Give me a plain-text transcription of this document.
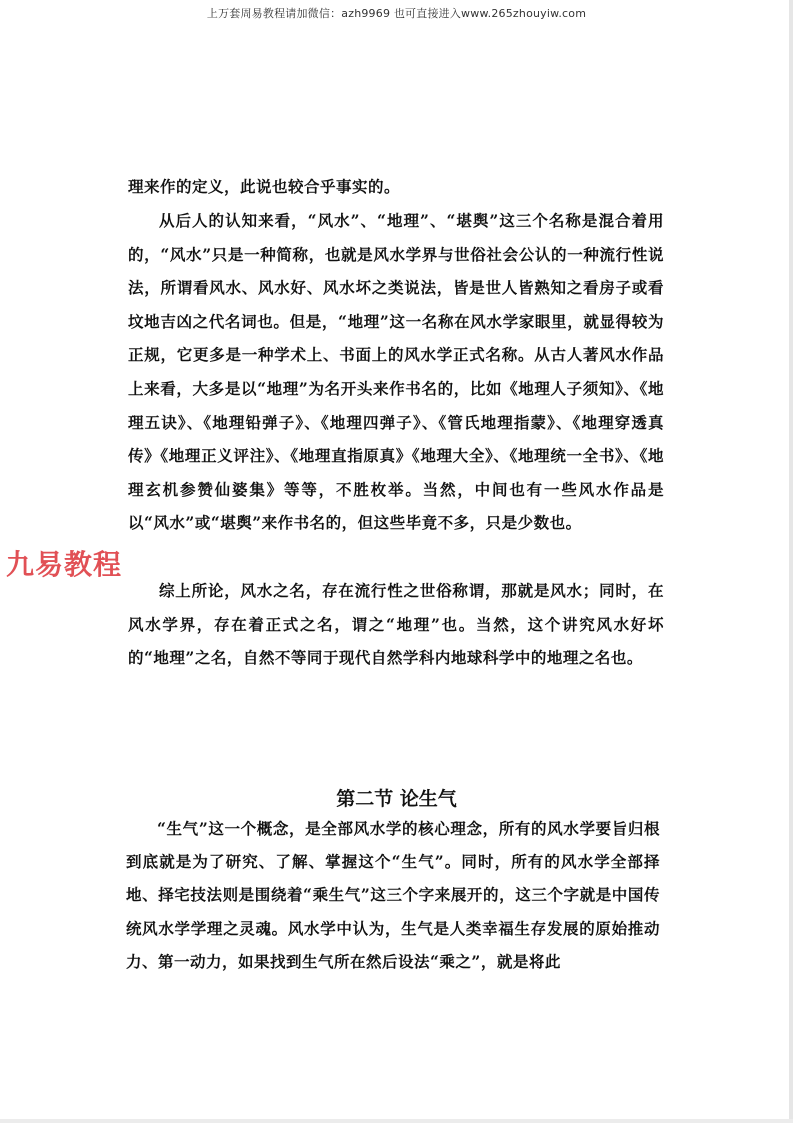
上万套周易教程请加微信：azh9969 也可直接进入www.265zhouyiw.com
九易教程

理来作的定义，此说也较合乎事实的。

从后人的认知来看，“风水”、“地理”、“堪舆”这三个名称是混合着用的，“风水”只是一种简称，也就是风水学界与世俗社会公认的一种流行性说法，所谓看风水、风水好、风水坏之类说法，皆是世人皆熟知之看房子或看坟地吉凶之代名词也。但是，“地理”这一名称在风水学家眼里，就显得较为正规，它更多是一种学术上、书面上的风水学正式名称。从古人著风水作品上来看，大多是以“地理”为名开头来作书名的，比如《地理人子须知》、《地理五诀》、《地理铅弹子》、《地理四弹子》、《管氏地理指蒙》、《地理穿透真传》《地理正义评注》、《地理直指原真》《地理大全》、《地理统一全书》、《地理玄机参赞仙婆集》等等，不胜枚举。当然，中间也有一些风水作品是以“风水”或“堪舆”来作书名的，但这些毕竟不多，只是少数也。

综上所论，风水之名，存在流行性之世俗称谓，那就是风水；同时，在风水学界，存在着正式之名，谓之“地理”也。当然，这个讲究风水好坏的“地理”之名，自然不等同于现代自然学科内地球科学中的地理之名也。

第二节 论生气

“生气”这一个概念，是全部风水学的核心理念，所有的风水学要旨归根到底就是为了研究、了解、掌握这个“生气”。同时，所有的风水学全部择地、择宅技法则是围绕着“乘生气”这三个字来展开的，这三个字就是中国传统风水学学理之灵魂。风水学中认为，生气是人类幸福生存发展的原始推动力、第一动力，如果找到生气所在然后设法“乘之”，就是将此
